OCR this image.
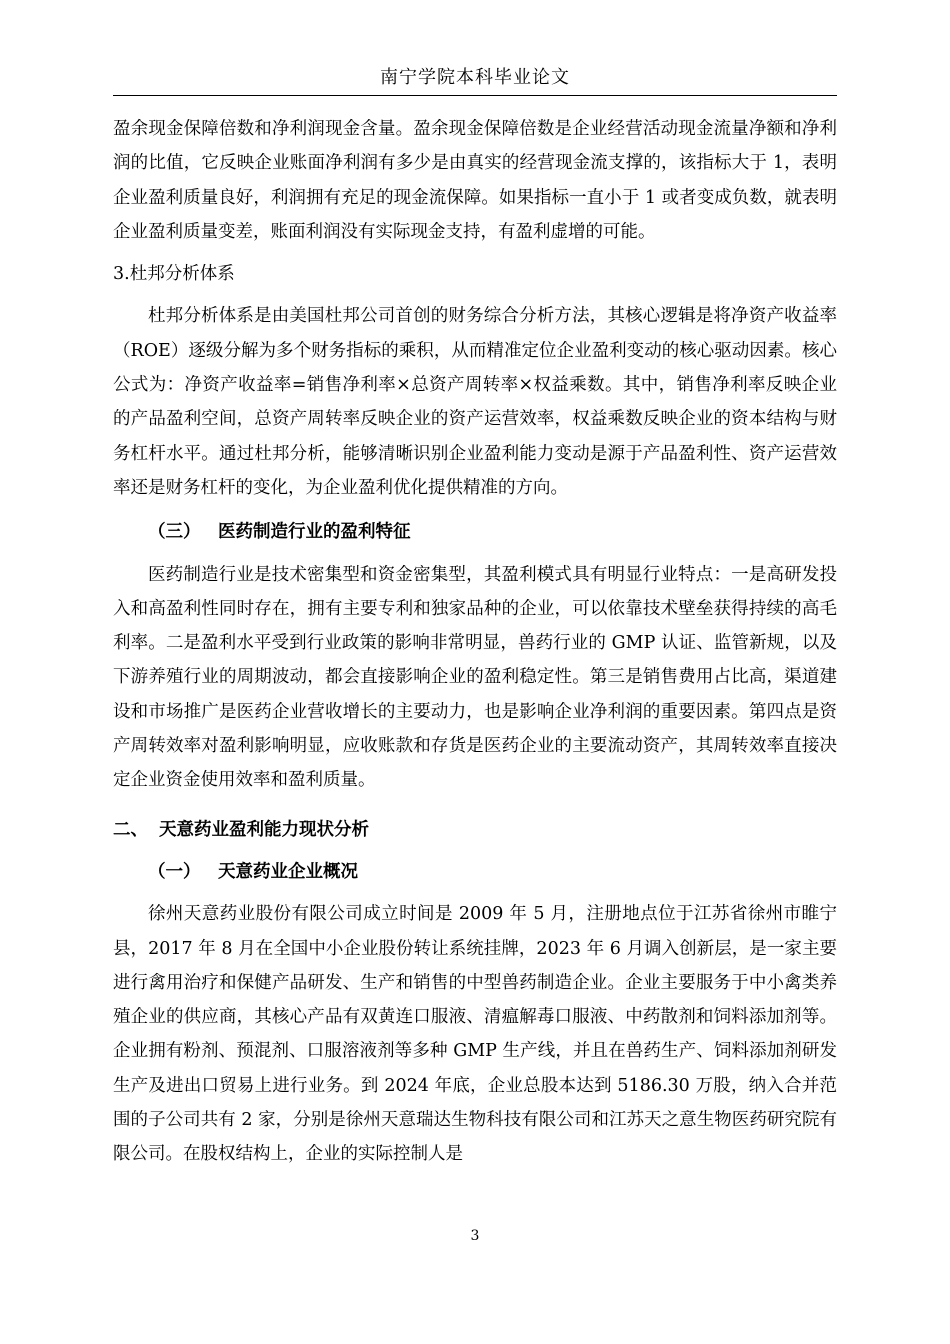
南宁学院本科毕业论文

盈余现金保障倍数和净利润现金含量。盈余现金保障倍数是企业经营活动现金流量净额和净利润的比值，它反映企业账面净利润有多少是由真实的经营现金流支撑的，该指标大于 1，表明企业盈利质量良好，利润拥有充足的现金流保障。如果指标一直小于 1 或者变成负数，就表明企业盈利质量变差，账面利润没有实际现金支持，有盈利虚增的可能。

3.杜邦分析体系

杜邦分析体系是由美国杜邦公司首创的财务综合分析方法，其核心逻辑是将净资产收益率（ROE）逐级分解为多个财务指标的乘积，从而精准定位企业盈利变动的核心驱动因素。核心公式为：净资产收益率=销售净利率×总资产周转率×权益乘数。其中，销售净利率反映企业的产品盈利空间，总资产周转率反映企业的资产运营效率，权益乘数反映企业的资本结构与财务杠杆水平。通过杜邦分析，能够清晰识别企业盈利能力变动是源于产品盈利性、资产运营效率还是财务杠杆的变化，为企业盈利优化提供精准的方向。

（三） 医药制造行业的盈利特征

医药制造行业是技术密集型和资金密集型，其盈利模式具有明显行业特点：一是高研发投入和高盈利性同时存在，拥有主要专利和独家品种的企业，可以依靠技术壁垒获得持续的高毛利率。二是盈利水平受到行业政策的影响非常明显，兽药行业的 GMP 认证、监管新规，以及下游养殖行业的周期波动，都会直接影响企业的盈利稳定性。第三是销售费用占比高，渠道建设和市场推广是医药企业营收增长的主要动力，也是影响企业净利润的重要因素。第四点是资产周转效率对盈利影响明显，应收账款和存货是医药企业的主要流动资产，其周转效率直接决定企业资金使用效率和盈利质量。

二、 天意药业盈利能力现状分析

（一） 天意药业企业概况

徐州天意药业股份有限公司成立时间是 2009 年 5 月，注册地点位于江苏省徐州市睢宁县，2017 年 8 月在全国中小企业股份转让系统挂牌，2023 年 6 月调入创新层，是一家主要进行禽用治疗和保健产品研发、生产和销售的中型兽药制造企业。企业主要服务于中小禽类养殖企业的供应商，其核心产品有双黄连口服液、清瘟解毒口服液、中药散剂和饲料添加剂等。企业拥有粉剂、预混剂、口服溶液剂等多种 GMP 生产线，并且在兽药生产、饲料添加剂研发生产及进出口贸易上进行业务。到 2024 年底，企业总股本达到 5186.30 万股，纳入合并范围的子公司共有 2 家，分别是徐州天意瑞达生物科技有限公司和江苏天之意生物医药研究院有限公司。在股权结构上，企业的实际控制人是

3
